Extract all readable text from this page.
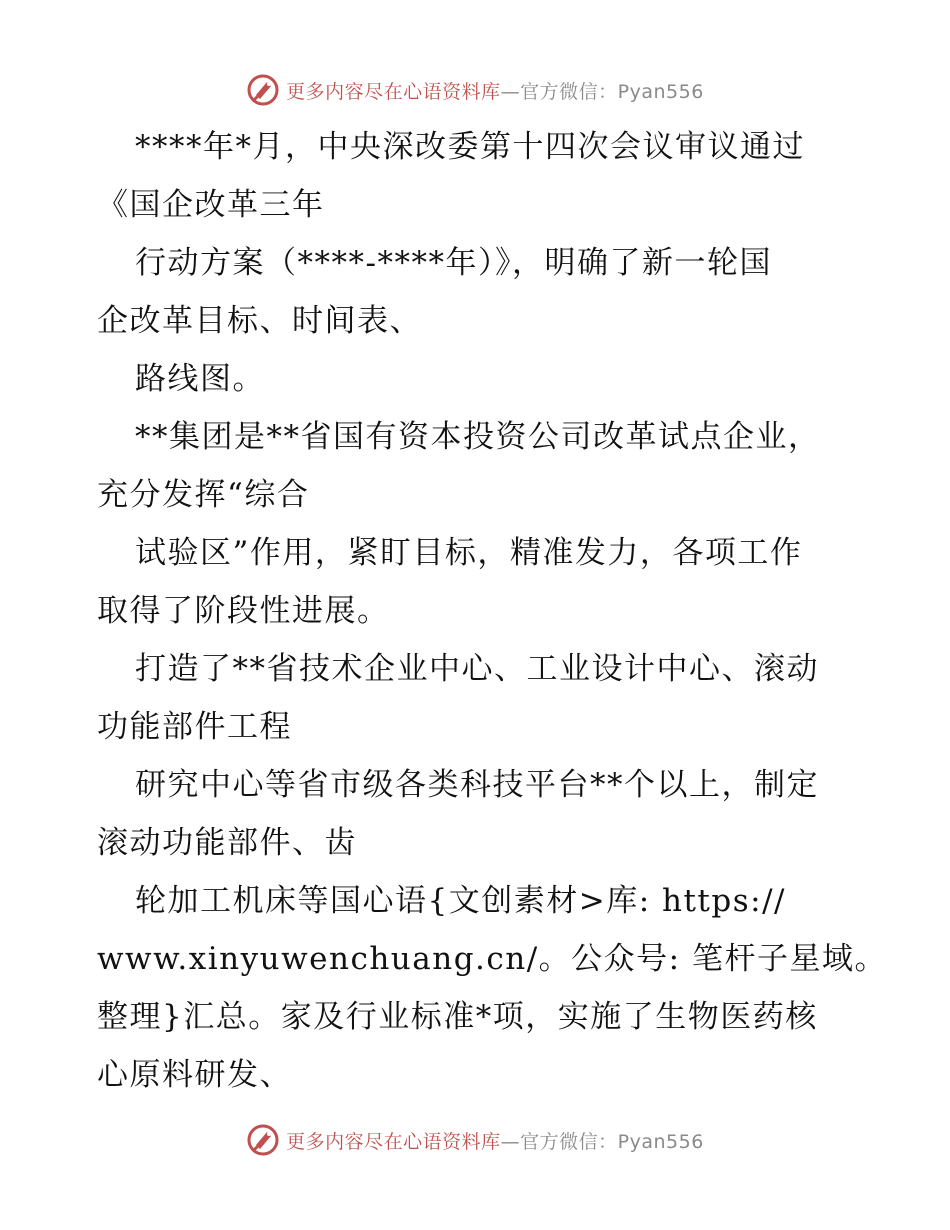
更多内容尽在心语资料库—官方微信：Pyan556
****年*月，中央深改委第十四次会议审议通过
《国企改革三年
行动方案（****-****年）》，明确了新一轮国
企改革目标、时间表、
路线图。
**集团是**省国有资本投资公司改革试点企业，
充分发挥“综合
试验区”作用，紧盯目标，精准发力，各项工作
取得了阶段性进展。
打造了**省技术企业中心、工业设计中心、滚动
功能部件工程
研究中心等省市级各类科技平台**个以上，制定
滚动功能部件、齿
轮加工机床等国心语{文创素材>库: https://
www.xinyuwenchuang.cn/。公众号: 笔杆子星域。
整理}汇总。家及行业标准*项，实施了生物医药核
心原料研发、
更多内容尽在心语资料库—官方微信：Pyan556
